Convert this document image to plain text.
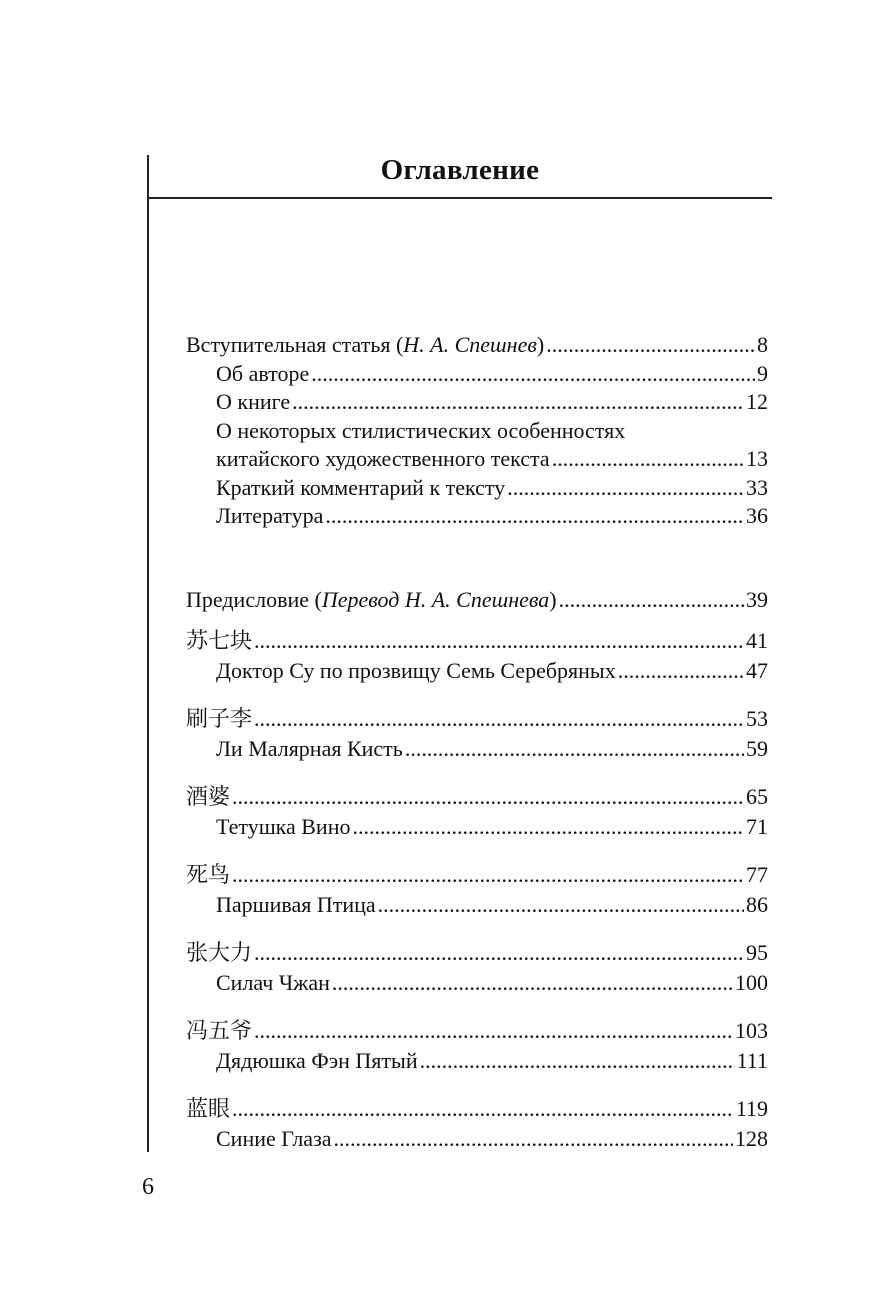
Оглавление
Вступительная статья (Н. А. Спешнев) .....	8
Об авторе .....	9
О книге .....	12
О некоторых стилистических особенностях
китайского художественного текста .....	13
Краткий комментарий к тексту .....	33
Литература .....	36
Предисловие (Перевод Н. А. Спешнева) .....	39
苏七块 .....	41
Доктор Су по прозвищу Семь Серебряных .....	47
刷子李 .....	53
Ли Малярная Кисть .....	59
酒婆 .....	65
Тетушка Вино .....	71
死鸟 .....	77
Паршивая Птица .....	86
张大力 .....	95
Силач Чжан .....	100
冯五爷 .....	103
Дядюшка Фэн Пятый .....	111
蓝眼 .....	119
Синие Глаза .....	128
6
